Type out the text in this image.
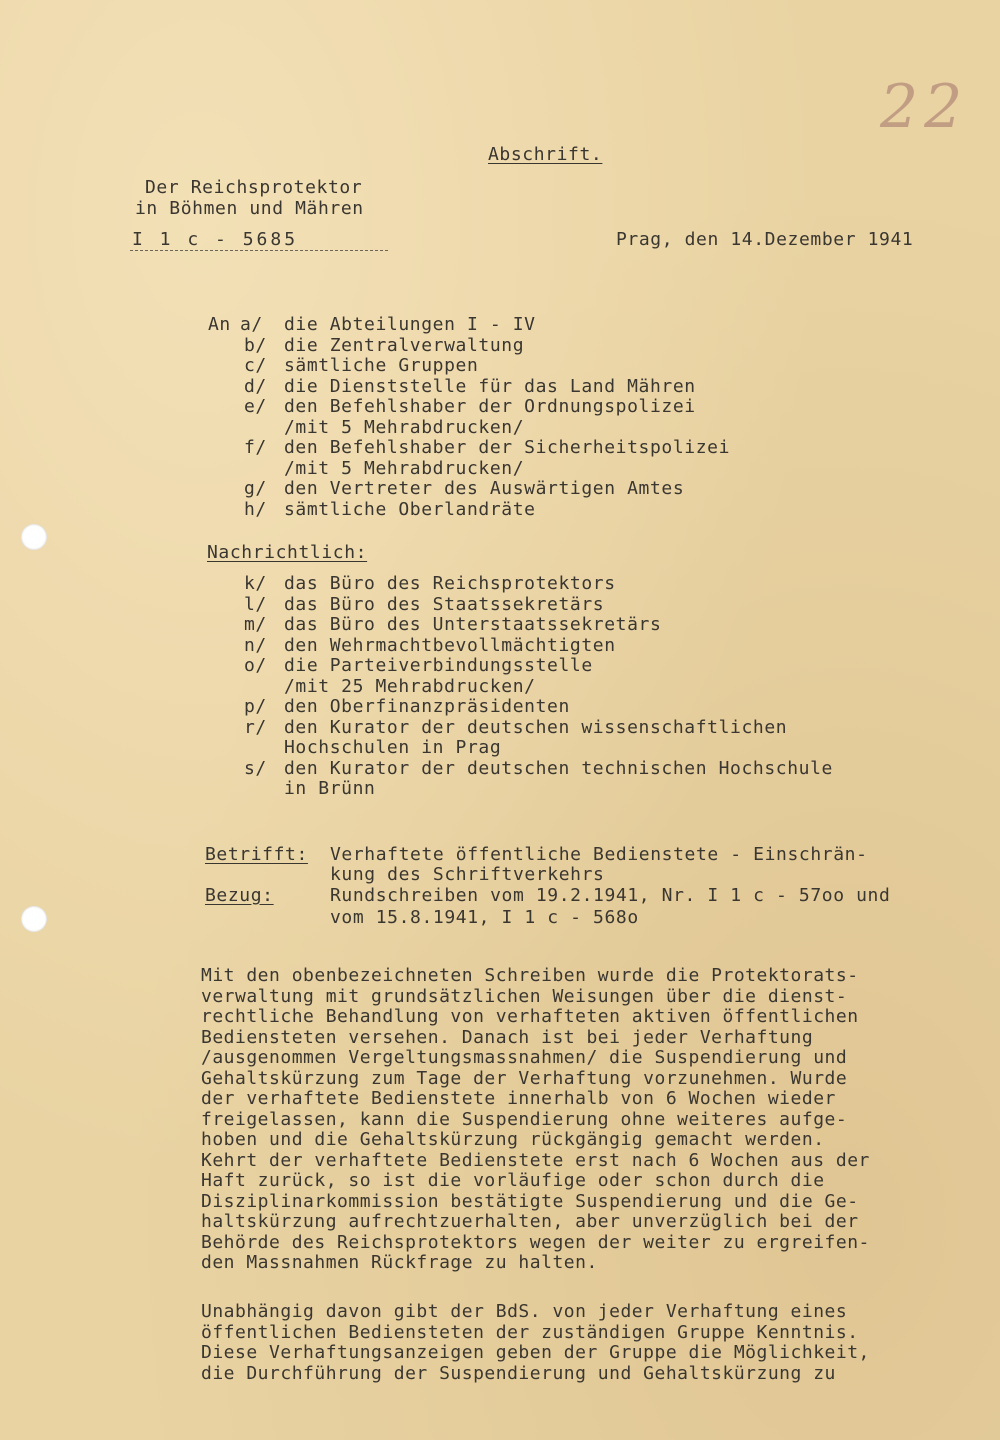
22
Abschrift.
Der Reichsprotektor
in Böhmen und Mähren
I 1 c - 5685	Prag, den 14.Dezember 1941
An a/ die Abteilungen I - IV
b/ die Zentralverwaltung
c/ sämtliche Gruppen
d/ die Dienststelle für das Land Mähren
e/ den Befehlshaber der Ordnungspolizei
/mit 5 Mehrabdrucken/
f/ den Befehlshaber der Sicherheitspolizei
/mit 5 Mehrabdrucken/
g/ den Vertreter des Auswärtigen Amtes
h/ sämtliche Oberlandräte
Nachrichtlich:
k/ das Büro des Reichsprotektors
l/ das Büro des Staatssekretärs
m/ das Büro des Unterstaatssekretärs
n/ den Wehrmachtbevollmächtigten
o/ die Parteiverbindungsstelle
/mit 25 Mehrabdrucken/
p/ den Oberfinanzpräsidenten
r/ den Kurator der deutschen wissenschaftlichen
Hochschulen in Prag
s/ den Kurator der deutschen technischen Hochschule
in Brünn
Betrifft: Verhaftete öffentliche Bedienstete - Einschrän-
kung des Schriftverkehrs
Bezug:	Rundschreiben vom 19.2.1941, Nr. I 1 c - 57oo und
vom 15.8.1941, I 1 c - 568o
Mit den obenbezeichneten Schreiben wurde die Protektorats-
verwaltung mit grundsätzlichen Weisungen über die dienst-
rechtliche Behandlung von verhafteten aktiven öffentlichen
Bediensteten versehen. Danach ist bei jeder Verhaftung
/ausgenommen Vergeltungsmassnahmen/ die Suspendierung und
Gehaltskürzung zum Tage der Verhaftung vorzunehmen. Wurde
der verhaftete Bedienstete innerhalb von 6 Wochen wieder
freigelassen, kann die Suspendierung ohne weiteres aufge-
hoben und die Gehaltskürzung rückgängig gemacht werden.
Kehrt der verhaftete Bedienstete erst nach 6 Wochen aus der
Haft zurück, so ist die vorläufige oder schon durch die
Disziplinarkommission bestätigte Suspendierung und die Ge-
haltskürzung aufrechtzuerhalten, aber unverzüglich bei der
Behörde des Reichsprotektors wegen der weiter zu ergreifen-
den Massnahmen Rückfrage zu halten.
Unabhängig davon gibt der BdS. von jeder Verhaftung eines
öffentlichen Bediensteten der zuständigen Gruppe Kenntnis.
Diese Verhaftungsanzeigen geben der Gruppe die Möglichkeit,
die Durchführung der Suspendierung und Gehaltskürzung zu
